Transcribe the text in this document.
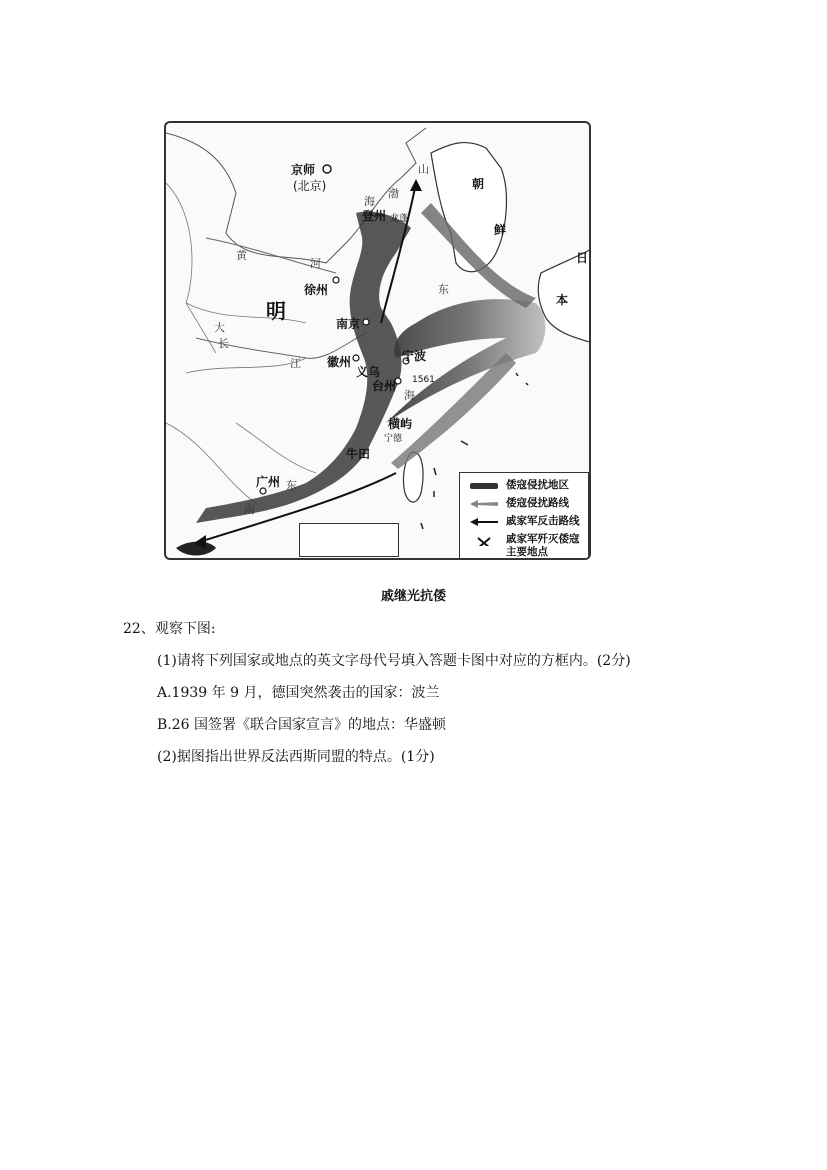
京师
(北京)
渤
海
山
朝
鲜
日
本
登州 龙蓬
黄
河
东
徐州
明
南京
大
长
江 徽州
义乌
宁波
台州 1561
海
横屿
宁德
牛田
广州
南
东	倭寇侵扰地区
倭寇侵扰路线
戚家军反击路线
戚家军歼灭倭寇
主要地点
戚继光抗倭
22、观察下图:
(1)请将下列国家或地点的英文字母代号填入答题卡图中对应的方框内。(2分)
A.1939 年 9 月，德国突然袭击的国家：波兰
B.26 国签署《联合国家宣言》的地点：华盛顿
(2)据图指出世界反法西斯同盟的特点。(1分)
